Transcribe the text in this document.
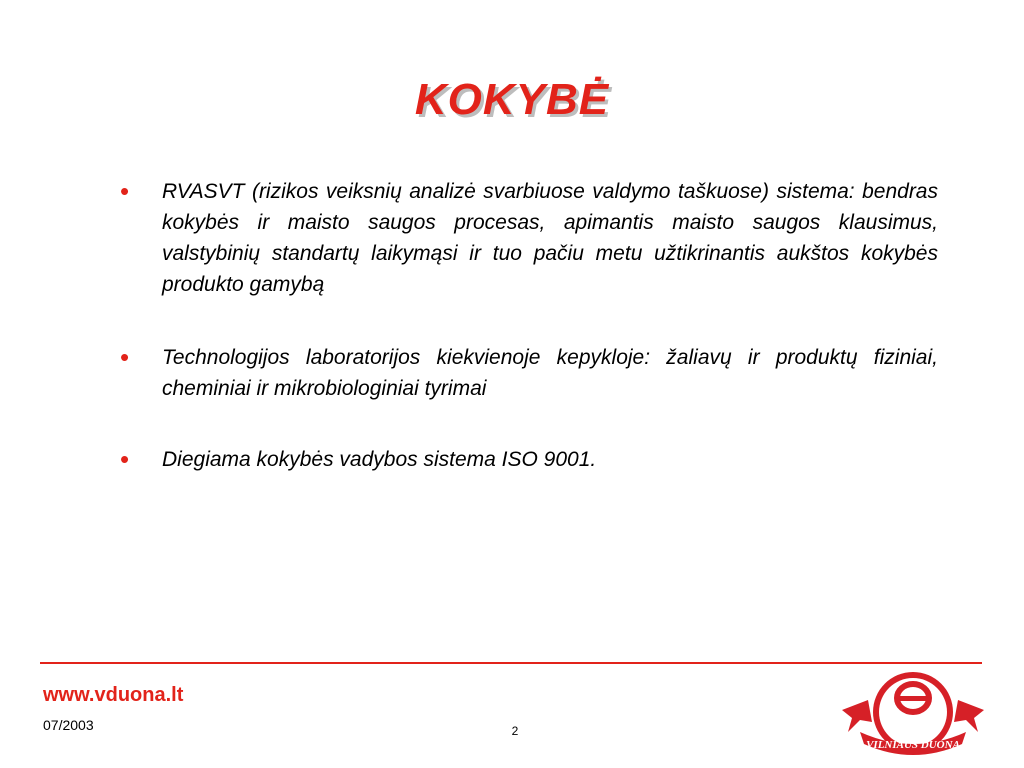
KOKYBĖ
•	RVASVT (rizikos veiksnių analizė svarbiuose valdymo taškuose) sistema: bendras kokybės ir maisto saugos procesas, apimantis maisto saugos klausimus, valstybinių standartų laikymąsi ir tuo pačiu metu užtikrinantis aukštos kokybės produkto gamybą
•	Technologijos laboratorijos kiekvienoje kepykloje: žaliavų ir produktų fiziniai, cheminiai ir mikrobiologiniai tyrimai
•	Diegiama kokybės vadybos sistema ISO 9001.
www.vduona.lt
07/2003	2
VILNIAUS DUONA
